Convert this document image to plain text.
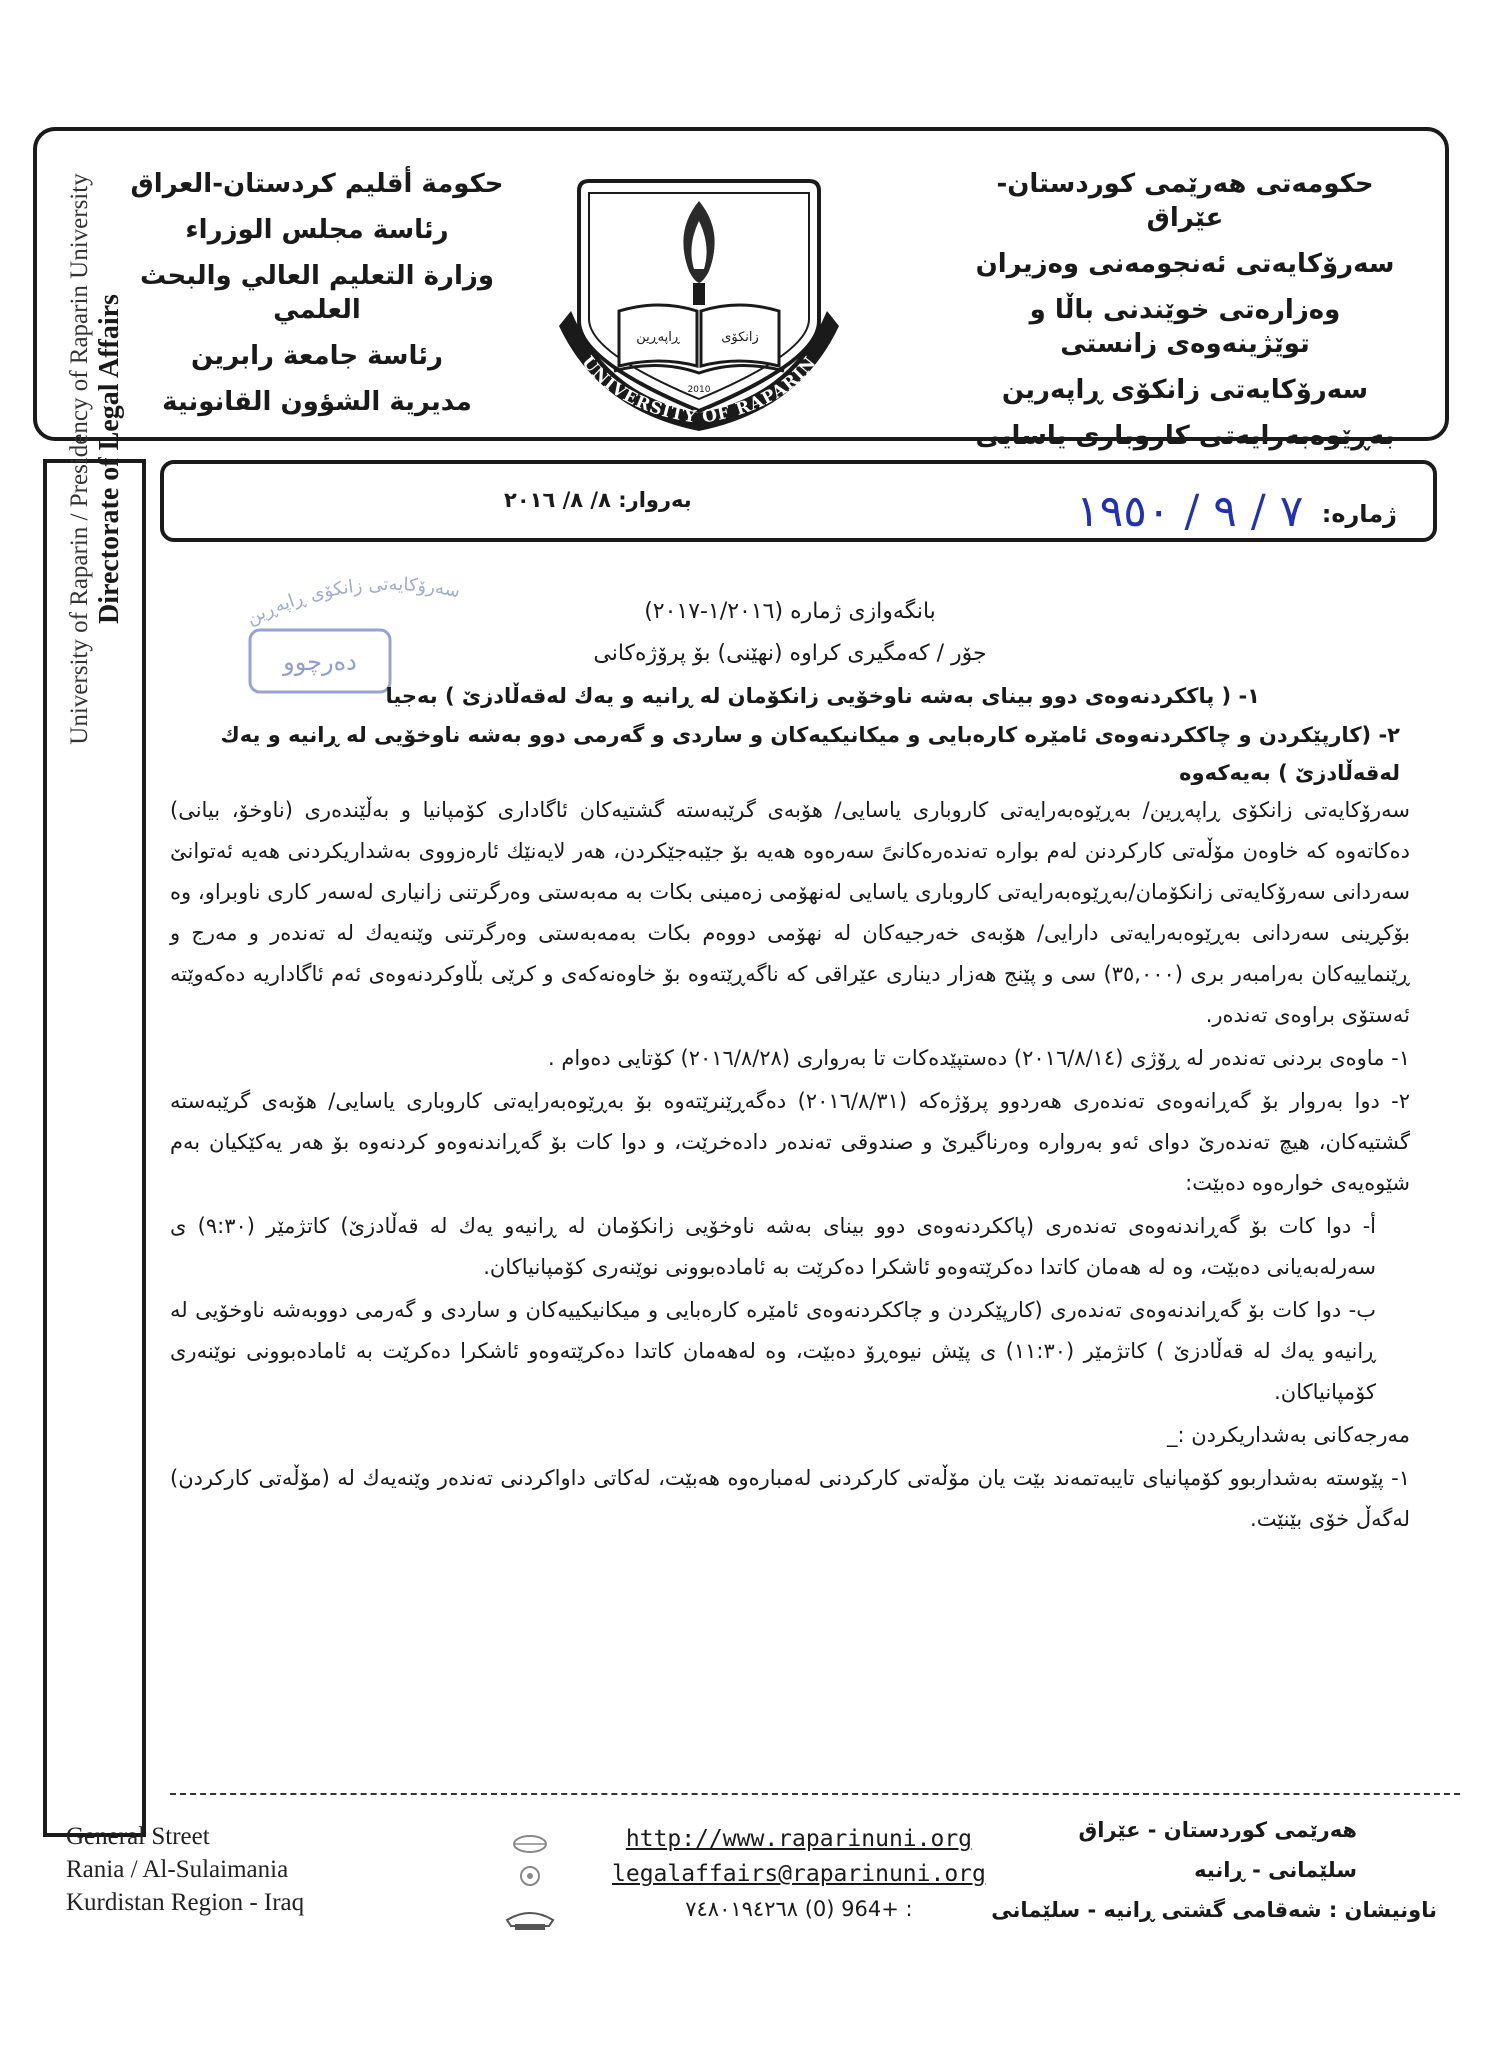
حكومەتی هەرێمی كوردستان- عێراق
سەرۆكایەتی ئەنجومەنی وەزیران
وەزارەتی خوێندنی باڵا و توێژینەوەی زانستی
سەرۆكایەتی زانكۆی ڕاپەرین
بەڕێوەبەرایەتی كاروباری یاسایی
ڕاپەڕین	زانكۆی
UNIVERSITY OF RAPARIN
2010
حكومة أقليم كردستان-العراق
رئاسة مجلس الوزراء
وزارة التعليم العالي والبحث العلمي
رئاسة جامعة رابرين
مديرية الشؤون القانونية
University of Raparin / Presidency of Raparin University Directorate of Legal Affairs	ژمارە: ٧ / ٩ / ١٩٥٠
بەروار: ٨/ ٨/ ٢٠١٦
سەرۆكایەتی زانكۆی ڕاپەڕین
دەرچوو
بانگەوازی ژمارە (١/٢٠١٦-٢٠١٧)
جۆر / كەمگیری كراوە (نهێنی) بۆ پرۆژەكانی
١- ( پاككردنەوەی دوو بینای بەشە ناوخۆیی زانكۆمان لە ڕانیە و یەك لەقەڵادزێ ) بەجیا
٢- (كارپێكردن و چاككردنەوەی ئامێرە كارەبایی و میكانیكیەكان و ساردی و گەرمی دوو بەشە ناوخۆیی لە ڕانیە و یەك لەقەڵادزێ ) بەیەكەوە

سەرۆكایەتی زانكۆی ڕاپەڕین/ بەڕێوەبەرایەتی كاروباری یاسایی/ هۆبەی گرێبەستە گشتیەكان ئاگاداری كۆمپانیا و بەڵێندەری (ناوخۆ، بیانی) دەكاتەوە كە خاوەن مۆڵەتی كاركردنن لەم بوارە تەندەرەكانیً سەرەوە هەیە بۆ جێبەجێكردن، هەر لایەنێك ئارەزووی بەشداریكردنی هەیە ئەتوانێ سەردانی سەرۆكایەتی زانكۆمان/بەڕێوەبەرایەتی كاروباری یاسایی لەنهۆمی زەمینی بكات بە مەبەستی وەرگرتنی زانیاری لەسەر كاری ناوبراو، وە بۆكڕینی سەردانی بەڕێوەبەرایەتی دارایی/ هۆبەی خەرجیەكان لە نهۆمی دووەم بكات بەمەبەستی وەرگرتنی وێنەیەك لە تەندەر و مەرج و ڕێنماییەكان بەرامبەر بری (٣٥,٠٠٠) سی و پێنج هەزار دیناری عێراقی كە ناگەڕێتەوە بۆ خاوەنەكەی و كرێی بڵاوكردنەوەی ئەم ئاگاداریە دەكەوێتە ئەستۆی براوەی تەندەر.

١- ماوەی بردنی تەندەر لە ڕۆژی (٢٠١٦/٨/١٤) دەستپێدەكات تا بەرواری (٢٠١٦/٨/٢٨) كۆتایی دەوام .

٢- دوا بەروار بۆ گەڕانەوەی تەندەری هەردوو پرۆژەكە (٢٠١٦/٨/٣١) دەگەڕێنرێتەوە بۆ بەڕێوەبەرایەتی كاروباری یاسایی/ هۆبەی گرێبەستە گشتیەكان، هیچ تەندەرێ دوای ئەو بەروارە وەرناگیرێ و صندوقی تەندەر دادەخرێت، و دوا كات بۆ گەڕاندنەوەو كردنەوە بۆ هەر یەكێكیان بەم شێوەیەی خوارەوە دەبێت:

أ- دوا كات بۆ گەڕاندنەوەی تەندەری (پاككردنەوەی دوو بینای بەشە ناوخۆیی زانكۆمان لە ڕانیەو یەك لە قەڵادزێ) كاتژمێر (٩:٣٠) ی سەرلەبەیانی دەبێت، وە لە هەمان كاتدا دەكرێتەوەو ئاشكرا دەكرێت بە ئامادەبوونی نوێنەری كۆمپانیاكان.

ب- دوا كات بۆ گەڕاندنەوەی تەندەری (كارپێكردن و چاككردنەوەی ئامێرە كارەبایی و میكانیكییەكان و ساردی و گەرمی دووبەشە ناوخۆیی لە ڕانیەو یەك لە قەڵادزێ ) كاتژمێر (١١:٣٠) ی پێش نیوەڕۆ دەبێت، وە لەهەمان كاتدا دەكرێتەوەو ئاشكرا دەكرێت بە ئامادەبوونی نوێنەری كۆمپانیاكان.

مەرجەكانی بەشداریكردن :_

١- پێوستە بەشداربوو كۆمپانیای تایبەتمەند بێت یان مۆڵەتی كاركردنی لەمبارەوە هەبێت، لەكاتی داواكردنی تەندەر وێنەیەك لە (مۆڵەتی كاركردن) لەگەڵ خۆی بێنێت.

General Street
Rania / Al-Sulaimania
Kurdistan Region - Iraq
http://www.raparinuni.org
legalaffairs@raparinuni.org
: +964 (0) ٧٤٨٠١٩٤٢٦٨
هەرێمی كوردستان - عێراق
سلێمانی - ڕانیە
ناونیشان : شەقامی گشتی ڕانیە - سلێمانی
